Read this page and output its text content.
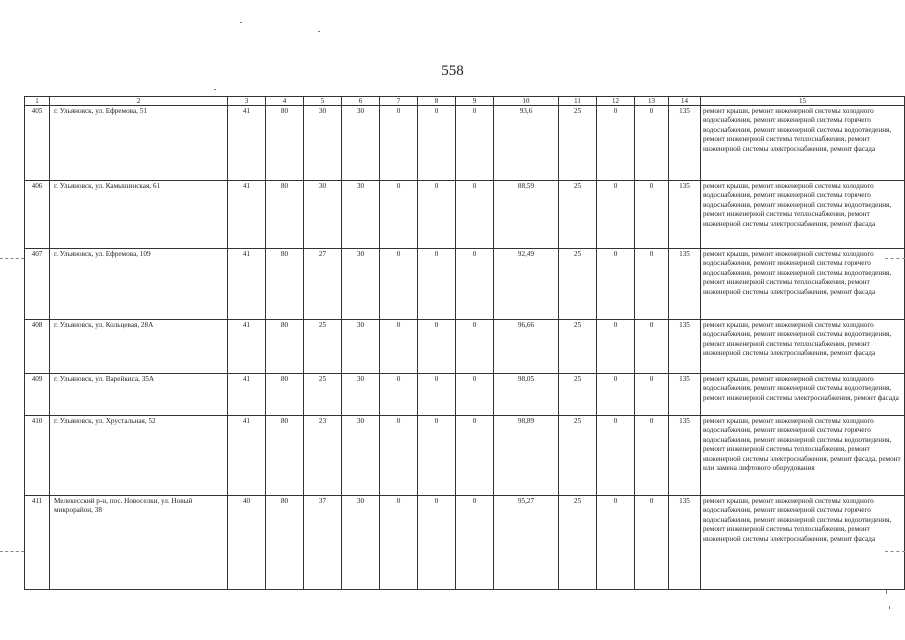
558
1	2	3	4	5	6	7	8	9	10	11	12	13	14	15
405	г. Ульяновск, ул. Ефремова, 51	41	80	30	30	0	0	0	93,6	25	0	0	135	ремонт крыши, ремонт инженерной системы холодного водоснабжения, ремонт инженерной системы горячего водоснабжения, ремонт инженерной системы водоотведения, ремонт инженерной системы теплоснабжения, ремонт инженерной системы электроснабжения, ремонт фасада
406	г. Ульяновск, ул. Камышинская, 61	41	80	30	30	0	0	0	88,59	25	0	0	135	ремонт крыши, ремонт инженерной системы холодного водоснабжения, ремонт инженерной системы горячего водоснабжения, ремонт инженерной системы водоотведения, ремонт инженерной системы теплоснабжения, ремонт инженерной системы электроснабжения, ремонт фасада
407	г. Ульяновск, ул. Ефремова, 109	41	80	27	30	0	0	0	92,49	25	0	0	135	ремонт крыши, ремонт инженерной системы холодного водоснабжения, ремонт инженерной системы горячего водоснабжения, ремонт инженерной системы водоотведения, ремонт инженерной системы теплоснабжения, ремонт инженерной системы электроснабжения, ремонт фасада
408	г. Ульяновск, ул. Кольцевая, 28А	41	80	25	30	0	0	0	96,66	25	0	0	135	ремонт крыши, ремонт инженерной системы холодного водоснабжения, ремонт инженерной системы водоотведения, ремонт инженерной системы теплоснабжения, ремонт инженерной системы электроснабжения, ремонт фасада
409	г. Ульяновск, ул. Варейкиса, 35А	41	80	25	30	0	0	0	98,05	25	0	0	135	ремонт крыши, ремонт инженерной системы холодного водоснабжения, ремонт инженерной системы водоотведения, ремонт инженерной системы электроснабжения, ремонт фасада
410	г. Ульяновск, ул. Хрустальная, 52	41	80	23	30	0	0	0	98,89	25	0	0	135	ремонт крыши, ремонт инженерной системы холодного водоснабжения, ремонт инженерной системы горячего водоснабжения, ремонт инженерной системы водоотведения, ремонт инженерной системы теплоснабжения, ремонт инженерной системы электроснабжения, ремонт фасада, ремонт или замена лифтового оборудования
411	Мелекесский р-н, пос. Новоселки, ул. Новый микрорайон, 38	40	80	37	30	0	0	0	95,27	25	0	0	135	ремонт крыши, ремонт инженерной системы холодного водоснабжения, ремонт инженерной системы горячего водоснабжения, ремонт инженерной системы водоотведения, ремонт инженерной системы теплоснабжения, ремонт инженерной системы электроснабжения, ремонт фасада
